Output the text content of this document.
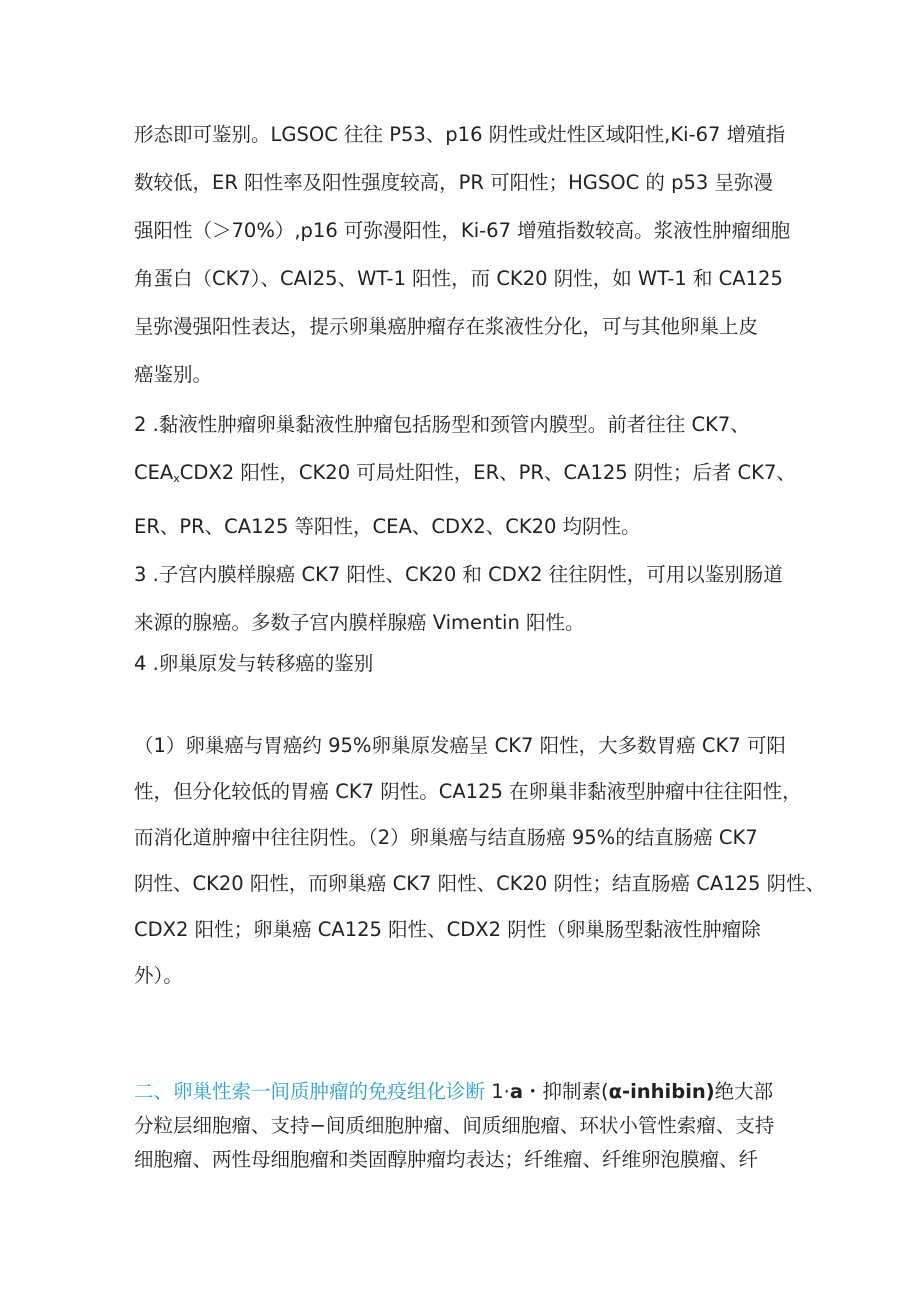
形态即可鉴别。LGSOC 往往 P53、p16 阴性或灶性区域阳性,Ki-67 增殖指

数较低，ER 阳性率及阳性强度较高，PR 可阳性；HGSOC 的 p53 呈弥漫

强阳性（＞70%）,p16 可弥漫阳性，Ki-67 增殖指数较高。浆液性肿瘤细胞

角蛋白（CK7）、CAI25、WT-1 阳性，而 CK20 阴性，如 WT-1 和 CA125

呈弥漫强阳性表达，提示卵巢癌肿瘤存在浆液性分化，可与其他卵巢上皮

癌鉴别。

2 .黏液性肿瘤卵巢黏液性肿瘤包括肠型和颈管内膜型。前者往往 CK7、

$CEA_xCDX2$ 阳性，CK20 可局灶阳性，ER、PR、CA125 阴性；后者 CK7、

ER、PR、CA125 等阳性，CEA、CDX2、CK20 均阴性。

3 .子宫内膜样腺癌 CK7 阳性、CK20 和 CDX2 往往阴性，可用以鉴别肠道

来源的腺癌。多数子宫内膜样腺癌 Vimentin 阳性。

4 .卵巢原发与转移癌的鉴别

（1）卵巢癌与胃癌约 95%卵巢原发癌呈 CK7 阳性，大多数胃癌 CK7 可阳

性，但分化较低的胃癌 CK7 阴性。CA125 在卵巢非黏液型肿瘤中往往阳性，

而消化道肿瘤中往往阴性。（2）卵巢癌与结直肠癌 95%的结直肠癌 CK7

阴性、CK20 阳性，而卵巢癌 CK7 阳性、CK20 阴性；结直肠癌 CA125 阴性、

CDX2 阳性；卵巢癌 CA125 阳性、CDX2 阴性（卵巢肠型黏液性肿瘤除

外）。

二、卵巢性索一间质肿瘤的免疫组化诊断 1·a・抑制素(α-inhibin)绝大部

分粒层细胞瘤、支持−间质细胞肿瘤、间质细胞瘤、环状小管性索瘤、支持

细胞瘤、两性母细胞瘤和类固醇肿瘤均表达；纤维瘤、纤维卵泡膜瘤、纤
